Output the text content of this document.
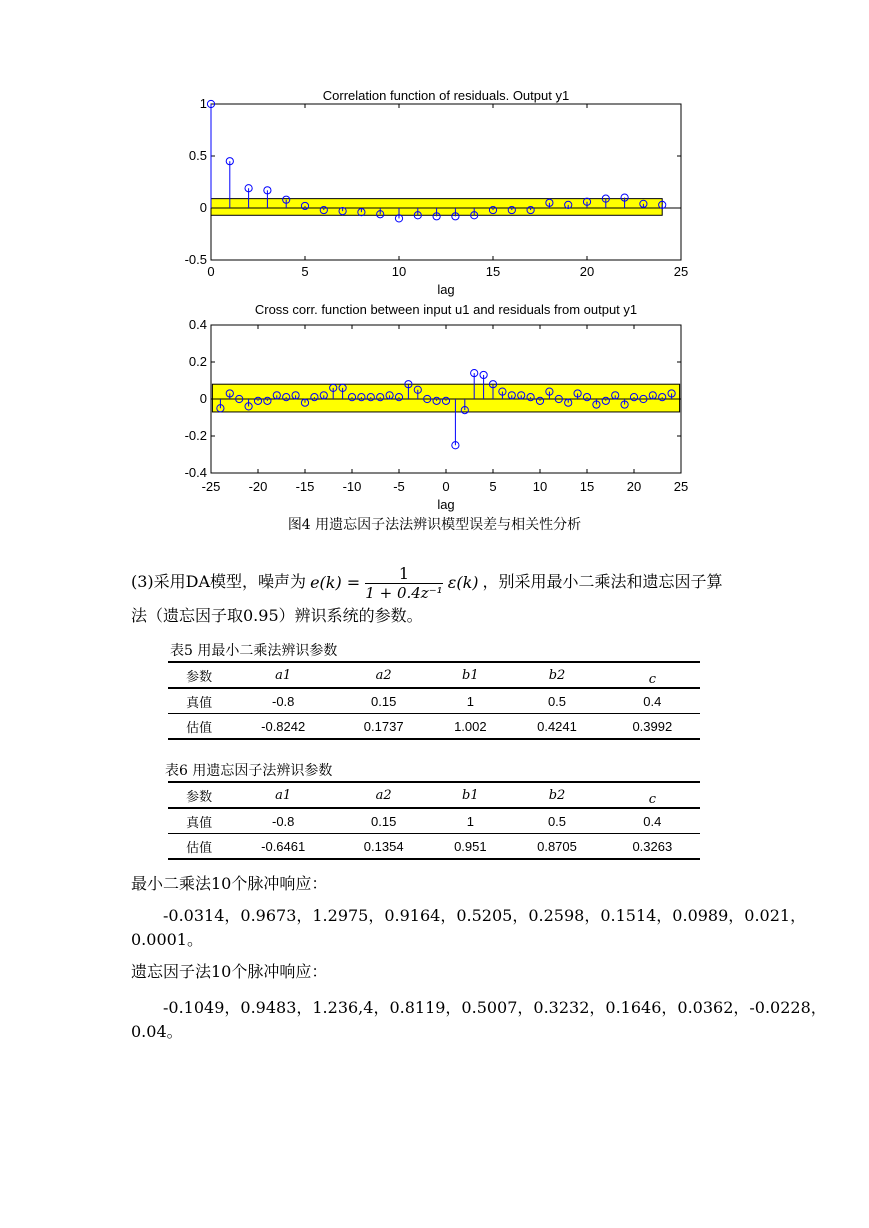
0	5	10	15	20	25
-0.5
0
0.5
1
Correlation function of residuals. Output y1
lag
-25 -20 -15 -10 -5	0	5	10	15	20	25
-0.4
-0.2
0
0.2
0.4
Cross corr. function between input u1 and residuals from output y1
lag
图4 用遗忘因子法法辨识模型误差与相关性分析
(3)采用DA模型，噪声为 $e(k) = \frac{1}{\text{1 + 0.4z⁻¹}} \varepsilon(k)$ ，别采用最小二乘法和遗忘因子算
法（遗忘因子取0.95）辨识系统的参数。
表5 用最小二乘法辨识参数
参数	a1	a2	b1	b2	c
真值	-0.8	0.15	1	0.5	0.4
估值	-0.8242	0.1737	1.002	0.4241	0.3992
表6 用遗忘因子法辨识参数
参数	a1	a2	b1	b2	c
真值	-0.8	0.15	1	0.5	0.4
估值	-0.6461	0.1354	0.951	0.8705	0.3263
最小二乘法10个脉冲响应：
-0.0314，0.9673，1.2975，0.9164，0.5205，0.2598，0.1514，0.0989，0.021，
0.0001。
遗忘因子法10个脉冲响应：
-0.1049，0.9483，1.236,4，0.8119，0.5007，0.3232，0.1646，0.0362，-0.0228，
0.04。
